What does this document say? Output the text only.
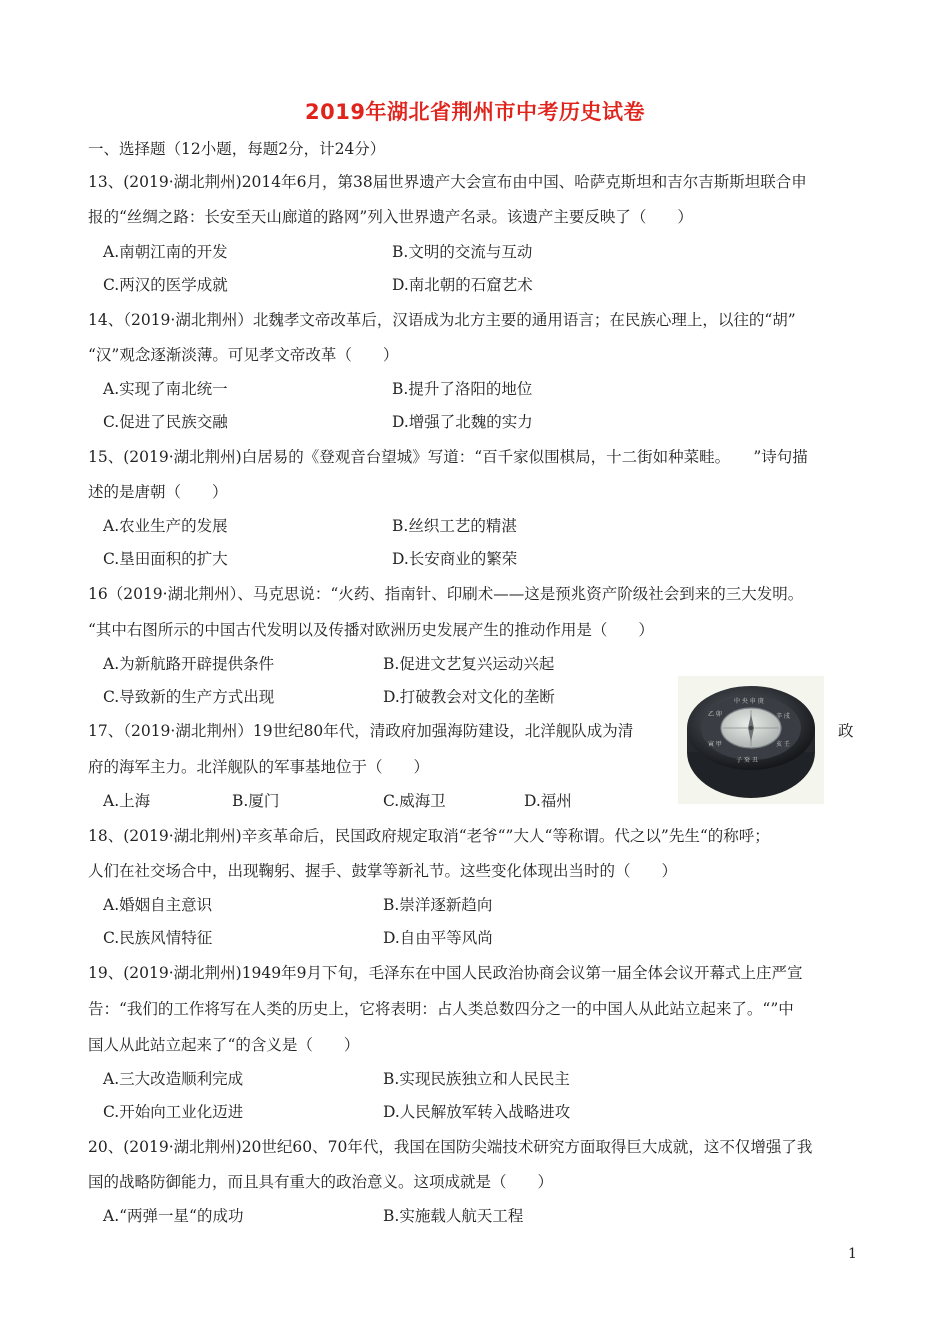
2019年湖北省荆州市中考历史试卷
一、选择题（12小题，每题2分，计24分）
13、(2019·湖北荆州)2014年6月，第38届世界遗产大会宣布由中国、哈萨克斯坦和吉尔吉斯斯坦联合申
报的“丝绸之路：长安至天山廊道的路网”列入世界遗产名录。该遗产主要反映了（　　）
A.南朝江南的开发	B.文明的交流与互动
C.两汉的医学成就	D.南北朝的石窟艺术
14、（2019·湖北荆州）北魏孝文帝改革后，汉语成为北方主要的通用语言；在民族心理上，以往的“胡”
“汉”观念逐渐淡薄。可见孝文帝改革（　　）
A.实现了南北统一	B.提升了洛阳的地位
C.促进了民族交融	D.增强了北魏的实力
15、(2019·湖北荆州)白居易的《登观音台望城》写道：“百千家似围棋局，十二街如种菜畦。　　”诗句描
述的是唐朝（　　）
A.农业生产的发展	B.丝织工艺的精湛
C.垦田面积的扩大	D.长安商业的繁荣
16（2019·湖北荆州）、马克思说：“火药、指南针、印刷术——这是预兆资产阶级社会到来的三大发明。
“其中右图所示的中国古代发明以及传播对欧洲历史发展产生的推动作用是（　　）
A.为新航路开辟提供条件	B.促进文艺复兴运动兴起
C.导致新的生产方式出现	D.打破教会对文化的垄断	中 央 申 庚
辛 戌
亥 壬
子 癸 丑
寅 甲
乙 卯
17、（2019·湖北荆州）19世纪80年代，清政府加强海防建设，北洋舰队成为清	政
府的海军主力。北洋舰队的军事基地位于（　　）
A.上海	B.厦门	C.威海卫	D.福州
18、(2019·湖北荆州)辛亥革命后，民国政府规定取消“老爷“”大人“等称谓。代之以”先生“的称呼；
人们在社交场合中，出现鞠躬、握手、鼓掌等新礼节。这些变化体现出当时的（　　）
A.婚姻自主意识	B.崇洋逐新趋向
C.民族风情特征	D.自由平等风尚
19、(2019·湖北荆州)1949年9月下旬，毛泽东在中国人民政治协商会议第一届全体会议开幕式上庄严宣
告：“我们的工作将写在人类的历史上，它将表明：占人类总数四分之一的中国人从此站立起来了。“”中
国人从此站立起来了“的含义是（　　）
A.三大改造顺利完成	B.实现民族独立和人民民主
C.开始向工业化迈进	D.人民解放军转入战略进攻
20、(2019·湖北荆州)20世纪60、70年代，我国在国防尖端技术研究方面取得巨大成就，这不仅增强了我
国的战略防御能力，而且具有重大的政治意义。这项成就是（　　）
A.“两弹一星“的成功	B.实施载人航天工程
1
